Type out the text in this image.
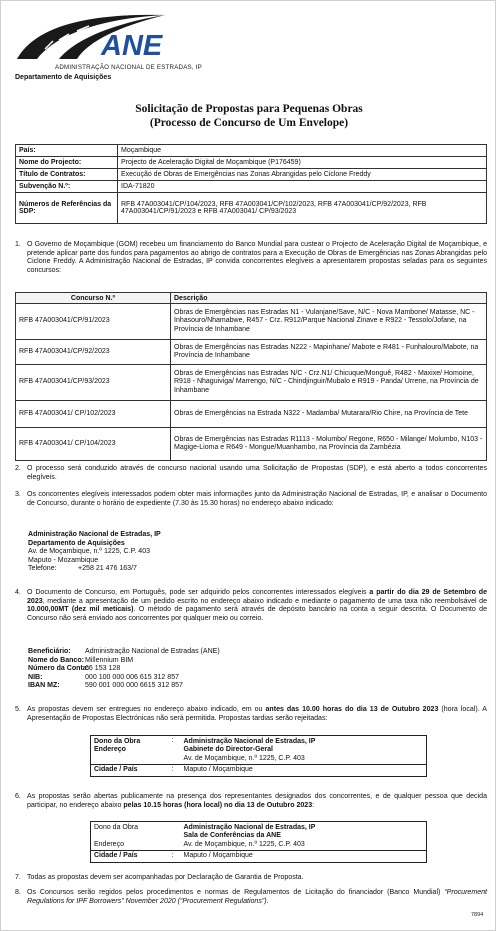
ANE
ADMINISTRAÇÃO NACIONAL DE ESTRADAS, IP
Departamento de Aquisições
Solicitação de Propostas para Pequenas Obras
(Processo de Concurso de Um Envelope)
País:	Moçambique
Nome do Projecto:	Projecto de Aceleração Digital de Moçambique (P176459)
Título de Contratos:	Execução de Obras de Emergências nas Zonas Abrangidas pelo Ciclone Freddy
Subvenção N.º:	IDA-71820
Números de Referências da SDP:	RFB 47A003041/CP/104/2023, RFB 47A003041/CP/102/2023, RFB 47A003041/CP/92/2023, RFB 47A003041/CP/91/2023 e RFB 47A003041/ CP/93/2023
1. O Governo de Moçambique (GOM) recebeu um financiamento do Banco Mundial para custear o Projecto de Aceleração Digital de Moçambique, e pretende aplicar parte dos fundos para pagamentos ao abrigo de contratos para a Execução de Obras de Emergências nas Zonas Abrangidas pelo Ciclone Freddy. A Administração Nacional de Estradas, IP convida concorrentes elegíveis a apresentarem propostas seladas para os seguintes concursos:
Concurso N.º	Descrição
RFB 47A003041/CP/91/2023	Obras de Emergências nas Estradas N1 - Vulanjane/Save, N/C - Nova Mambone/ Matasse, NC - Inhasouro/Nhamabwe, R457 - Crz. R912/Parque Nacional Zinave e R922 - Tessolo/Jofane, na Província de Inhambane
RFB 47A003041/CP/92/2023	Obras de Emergências nas Estradas N222 - Mapinhane/ Mabote e R481 - Funhalouro/Mabote, na Província de Inhambane
RFB 47A003041/CP/93/2023	Obras de Emergências nas Estradas N/C - Crz.N1/ Chicuque/Monguê, R482 - Maxixe/ Homoine, R918 - Nhaguiviga/ Marrengo, N/C - Chindjinguir/Mubalo e R919 - Panda/ Urrene, na Província de Inhambane
RFB 47A003041/ CP/102/2023	Obras de Emergências na Estrada N322 - Madamba/ Mutarara/Rio Chire, na Província de Tete
RFB 47A003041/ CP/104/2023	Obras de Emergências nas Estradas R1113 - Molumbo/ Regone, R650 - Milange/ Molumbo, N103 - Magige-Lioma e R649 - Mongue/Muanhambo, na Província da Zambézia
2. O processo será conduzido através de concurso nacional usando uma Solicitação de Propostas (SDP), e está aberto a todos concorrentes elegíveis.
3. Os concorrentes elegíveis interessados podem obter mais informações junto da Administração Nacional de Estradas, IP, e analisar o Documento de Concurso, durante o horário de expediente (7.30 às 15.30 horas) no endereço abaixo indicado:
Administração Nacional de Estradas, IP
Departamento de Aquisições
Av. de Moçambique, n.º 1225, C.P. 403
Maputo - Mozambique
Telefone:	+258 21 476 163/7
4. O Documento de Concurso, em Português, pode ser adquirido pelos concorrentes interessados elegíveis a partir do dia 29 de Setembro de 2023, mediante a apresentação de um pedido escrito no endereço abaixo indicado e mediante o pagamento de uma taxa não reembolsável de 10.000,00MT (dez mil meticais). O método de pagamento será através de depósito bancário na conta a seguir descrita. O Documento de Concurso não será enviado aos concorrentes por qualquer meio ou correio.
Beneficiário: Administração Nacional de Estradas (ANE)
Nome do Banco:Millennium BIM
Número da Conta:66 153 128
NIB:	000 100 000 006 615 312 857
IBAN MZ:	590 001 000 000 6615 312 857
5. As propostas devem ser entregues no endereço abaixo indicado, em ou antes das 10.00 horas do dia 13 de Outubro 2023 (hora local). A Apresentação de Propostas Electrónicas não será permitida. Propostas tardias serão rejeitadas:
Dono da Obra Endereço	:	Administração Nacional de Estradas, IP
Gabinete do Director-Geral
Av. de Moçambique, n.º 1225, C.P. 403
Cidade / País	:	Maputo / Moçambique
6. As propostas serão abertas publicamente na presença dos representantes designados dos concorrentes, e de qualquer pessoa que decida participar, no endereço abaixo pelas 10.15 horas (hora local) no dia 13 de Outubro 2023:
Dono da Obra

Endereço		Administração Nacional de Estradas, IP
Sala de Conferências da ANE
Av. de Moçambique, n.º 1225, C.P. 403
Cidade / País	:	Maputo / Moçambique
7. Todas as propostas devem ser acompanhadas por Declaração de Garantia de Proposta.
8. Os Concursos serão regidos pelos procedimentos e normas de Regulamentos de Licitação do financiador (Banco Mundial) “Procurement Regulations for IPF Borrowers” November 2020 (“Procurement Regulations”).
7894
